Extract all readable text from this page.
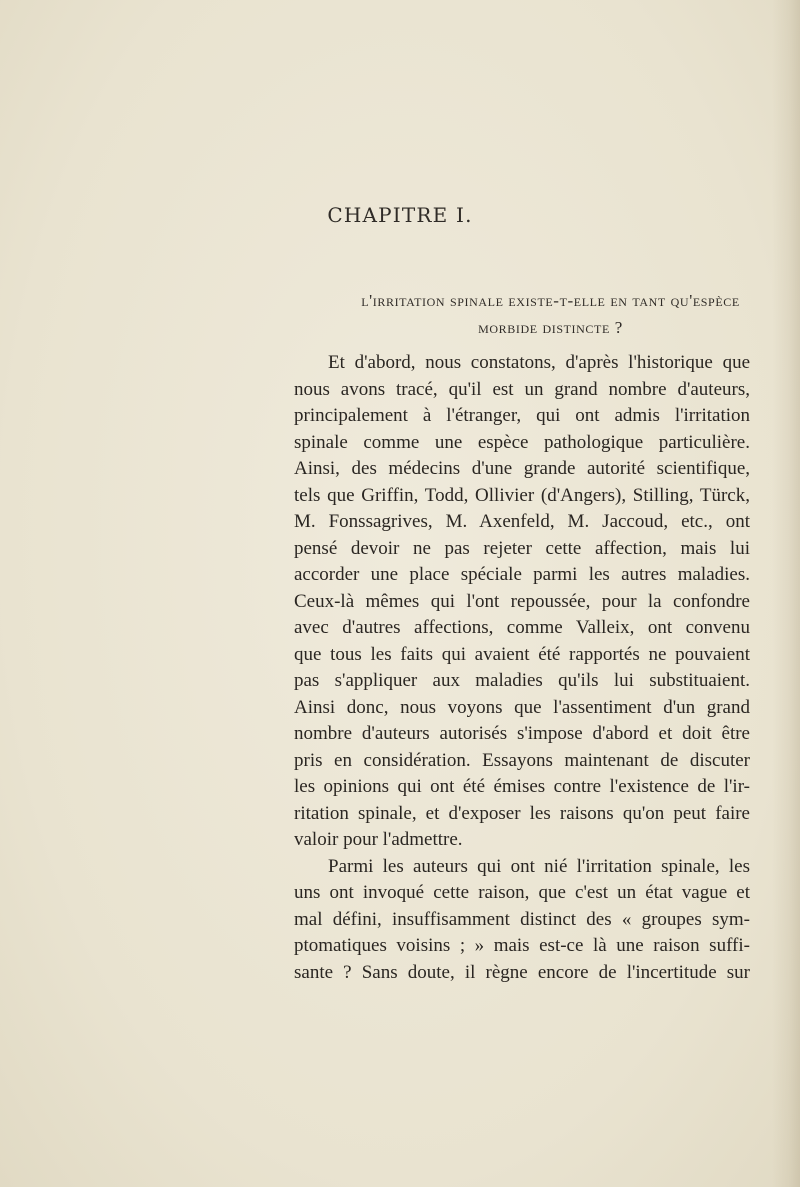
CHAPITRE I.
l'irritation spinale existe-t-elle en tant qu'espèce
morbide distincte ?
Et d'abord, nous constatons, d'après l'historique que
nous avons tracé, qu'il est un grand nombre d'auteurs,
principalement à l'étranger, qui ont admis l'irritation
spinale comme une espèce pathologique particulière.
Ainsi, des médecins d'une grande autorité scientifique,
tels que Griffin, Todd, Ollivier (d'Angers), Stilling, Türck,
M. Fonssagrives, M. Axenfeld, M. Jaccoud, etc., ont
pensé devoir ne pas rejeter cette affection, mais lui
accorder une place spéciale parmi les autres maladies.
Ceux-là mêmes qui l'ont repoussée, pour la confondre
avec d'autres affections, comme Valleix, ont convenu
que tous les faits qui avaient été rapportés ne pouvaient
pas s'appliquer aux maladies qu'ils lui substituaient.
Ainsi donc, nous voyons que l'assentiment d'un grand
nombre d'auteurs autorisés s'impose d'abord et doit être
pris en considération. Essayons maintenant de discuter
les opinions qui ont été émises contre l'existence de l'ir-
ritation spinale, et d'exposer les raisons qu'on peut faire
valoir pour l'admettre.
Parmi les auteurs qui ont nié l'irritation spinale, les
uns ont invoqué cette raison, que c'est un état vague et
mal défini, insuffisamment distinct des « groupes sym-
ptomatiques voisins ; » mais est-ce là une raison suffi-
sante ? Sans doute, il règne encore de l'incertitude sur
